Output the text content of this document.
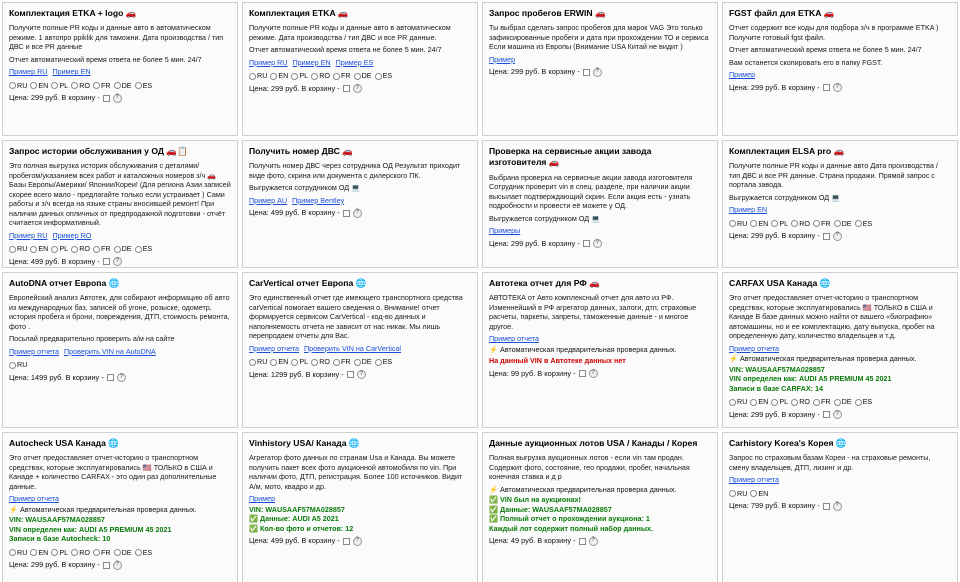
Комплектация ETKA + logo 🚗
Получите полные PR коды и данные авто в автоматическом режиме. 1 автопро ppiklik для таможни. Дата производства / тип ДВС и все PR данные
Отчет автоматический время ответа не более 5 мин. 24/7
Пример RU Пример EN
RU EN PL RO FR DE ES
Цена: 299 руб. В корзину -	?
Комплектация ETKA 🚗
Получите полные PR коды и данные авто в автоматическом режиме. Дата производства / тип ДВС и все PR данные.
Отчет автоматический время ответа не более 5 мин. 24/7
Пример RU Пример EN Пример ES
RU EN PL RO FR DE ES
Цена: 299 руб. В корзину -	?
Запрос пробегов ERWIN 🚗
Ты выбрал сделать запрос пробегов для марок VAG Это только зафиксированные пробеги и дата при прохождении ТО и сервиса Если машина из Европы (Внимание USA Китай не видит )
Пример
Цена: 299 руб. В корзину -	?
FGST файл для ETKA 🚗
Отчет содержит все коды для подбора з/ч в программе ETKA ) Получите готовый fgst файл.
Отчет автоматический время ответа не более 5 мин. 24/7
Вам останется скопировать его в папку FGST.
Пример
Цена: 299 руб. В корзину -	?
Запрос истории обслуживания у ОД 🚗📋
Это полная выгрузка история обслуживания с деталями/ пробегом/указанием всех работ и каталожных номеров з/ч 🚗 Базы Европы/Америки/ Японии/Кореи! (Для региона Азии записей скорее всего мало - предлагайте только если устраивает ) Сами работы и з/ч всегда на языке страны вносившей ремонт! При наличии данных опличных от предпродажной подготовки - отчёт считается информативный.
Пример RU Пример RO
RU EN PL RO FR DE ES
Цена: 499 руб. В корзину -	?
Получить номер ДВС 🚗
Получить номер ДВС через сотрудника ОД Результат приходит виде фото, скрина или документа с дилерского ПК.
Выгружается сотрудником ОД 💻
Пример AU Пример Bentley
Цена: 499 руб. В корзину -	?
Проверка на сервисные акции завода изготовителя 🚗
Выбрана проверка на сервисные акции завода изготовителя Сотрудник проверит vin в спец. разделе, при наличии акции высылает подтверждающий скрин. Если акция есть - узнать подробности и провести её можете у ОД.
Выгружается сотрудником ОД 💻
Примеры
Цена: 299 руб. В корзину -	?
Комплектация ELSA pro 🚗
Получите полные PR коды и данные авто Дата производства / тип ДВС и все PR данные. Страна продажи. Прямой запрос с портала завода.
Выгружается сотрудником ОД 💻
Пример EN
RU EN PL RO FR DE ES
Цена: 299 руб. В корзину -	?
AutoDNA отчет Европа 🌐
Европейский анализ Автотек, для собирают информацию об авто из международных баз, записей об угоне, розыске, одометр, история пробега и брони, повреждения, ДТП, стоимость ремонта, фото .
Посьлай предварительно проверить а/м на сайте
Пример отчета Проверить VIN на AutoDNA
RU
Цена: 1499 руб. В корзину -	?
CarVertical отчет Европа 🌐
Это единственный отчет где имеющего транспортного средства carVertical помогает вашего сведения о. Внимание! отчет формируется сервисом CarVertical - код-во данных и наполняемость отчета не зависит от нас никак. Мы лишь перепродаем отчеты для Вас.
Пример отчета Проверить VIN на CarVertical
RU EN PL RO FR DE ES
Цена: 1299 руб. В корзину -	?
Автотека отчет для РФ 🚗
АВТОТЕКА от Авто комплексный отчет для авто из РФ. Изменнейший в РФ агрегатор данных, залоги, дтп, страховые расчеты, паркеты, запреты, таможенные данные - и многое другое.
Пример отчета
⚡ Автоматическая предварительная проверка данных.
На данный VIN в Автотеке данных нет
Цена: 99 руб. В корзину -	?
CARFAX USA Канада 🌐
Это отчет предоставляет отчет-историю о транспортном средствах, которые эксплуатировались 🇺🇸 ТОЛЬКО в США и Канаде В базе данных можно найти от вашего «биографию» автомашины, но и ее комплектацию, дату выпуска, пробег на определенную дату, количество владельцев и т.д.
Пример отчета
⚡ Автоматическая предварительная проверка данных.
VIN: WAUSAAF57MA028857
VIN определен как: AUDI A5 PREMIUM 45 2021
Записи в базе CARFAX: 14
RU EN PL RO FR DE ES
Цена: 299 руб. В корзину -	?
Autocheck USA Канада 🌐
Это отчет предоставляет отчет-историю о транспортном средствах, которые эксплуатировались 🇺🇸 ТОЛЬКО в США и Канаде + количество CARFAX - это один раз дополнительные данные.
Пример отчета
⚡ Автоматическая предварительная проверка данных.
VIN: WAUSAAF57MA028857
VIN определен как: AUDI A5 PREMIUM 45 2021
Записи в базе Autocheck: 10
RU EN PL RO FR DE ES
Цена: 299 руб. В корзину -	?
Vinhistory USA/ Канада 🌐
Агрегатор фото данных по странам Usa и Канада. Вы можете получить пакет всех фото аукционной автомобиля по vin. При наличии фото, ДТП, регистрация. Более 100 источников. Видит А/м, мото, квадро и др.
Пример
VIN: WAUSAAF57MA028857
✅ Данные: AUDI A5 2021
✅ Кол-во фото и отчетов: 12
Цена: 499 руб. В корзину -	?
Данные аукционных лотов USA / Канады / Корея
Полная выгрузка аукционных лотов - если vin там продан. Содержит фото, состояние, гео продажи, пробег, начальная конечная ставка и д р
⚡ Автоматическая предварительная проверка данных.
✅ VIN был на аукционах!
✅ Данные: WAUSAAF57MA028857
✅ Полный отчет о прохождении аукциона: 1
Каждый лот содержит полный набор данных.
Цена: 49 руб. В корзину -	?
Carhistory Korea's Корея 🌐
Запрос по страховым базам Кореи - на страховые ремонты, смену владельцев, ДТП, лизинг и др.
Пример отчета
RU EN
Цена: 799 руб. В корзину -	?
